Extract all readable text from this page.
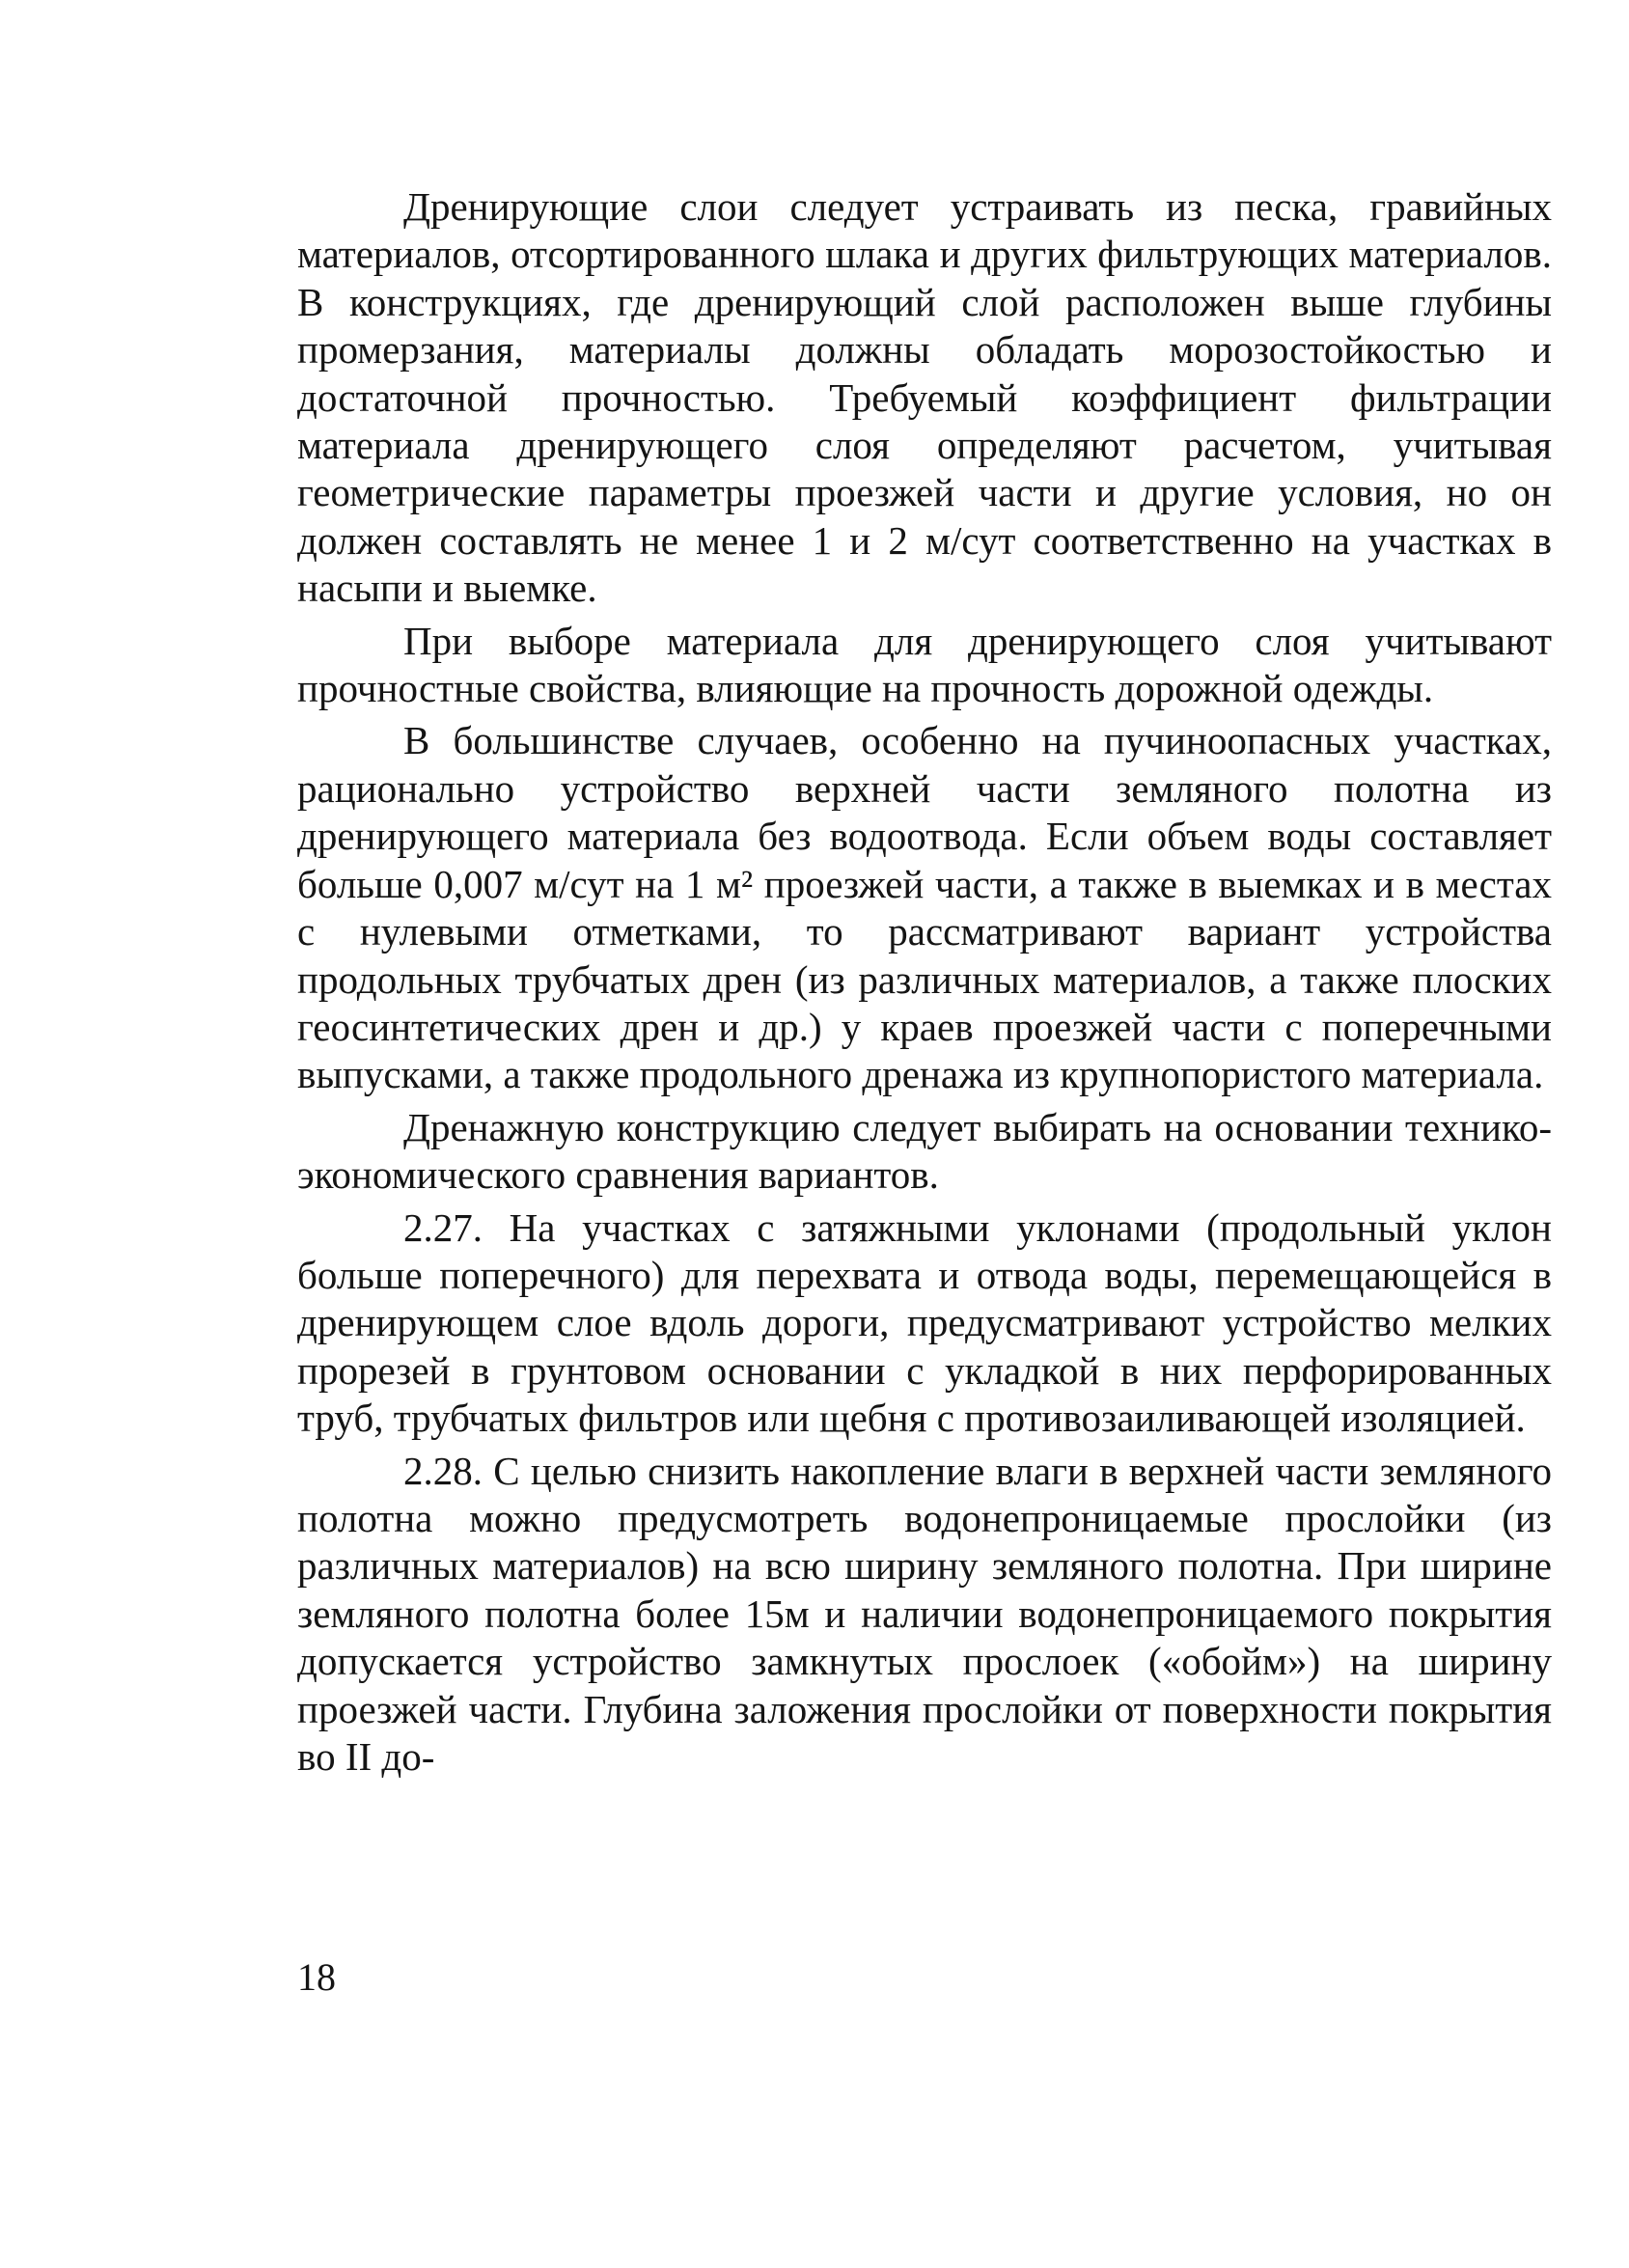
Дренирующие слои следует устраивать из песка, гравийных материалов, отсортированного шлака и других фильтрующих материалов. В конструкциях, где дренирующий слой расположен выше глубины промерзания, материалы должны обладать морозостойкостью и достаточной прочностью. Требуемый коэффициент фильтрации материала дренирующего слоя определяют расчетом, учитывая геометрические параметры проезжей части и другие условия, но он должен составлять не менее 1 и 2 м/сут соответственно на участках в насыпи и выемке.

При выборе материала для дренирующего слоя учитывают прочностные свойства, влияющие на прочность дорожной одежды.

В большинстве случаев, особенно на пучиноопасных участках, рационально устройство верхней части земляного полотна из дренирующего материала без водоотвода. Если объем воды составляет больше 0,007 м/сут на 1 м² проезжей части, а также в выемках и в местах с нулевыми отметками, то рассматривают вариант устройства продольных трубчатых дрен (из различных материалов, а также плоских геосинтетических дрен и др.) у краев проезжей части с поперечными выпусками, а также продольного дренажа из крупнопористого материала.

Дренажную конструкцию следует выбирать на основании технико-экономического сравнения вариантов.

2.27. На участках с затяжными уклонами (продольный уклон больше поперечного) для перехвата и отвода воды, перемещающейся в дренирующем слое вдоль дороги, предусматривают устройство мелких прорезей в грунтовом основании с укладкой в них перфорированных труб, трубчатых фильтров или щебня с противозаиливающей изоляцией.

2.28. С целью снизить накопление влаги в верхней части земляного полотна можно предусмотреть водонепроницаемые прослойки (из различных материалов) на всю ширину земляного полотна. При ширине земляного полотна более 15м и наличии водонепроницаемого покрытия допускается устройство замкнутых прослоек («обойм») на ширину проезжей части. Глубина заложения прослойки от поверхности покрытия во II до-

18
